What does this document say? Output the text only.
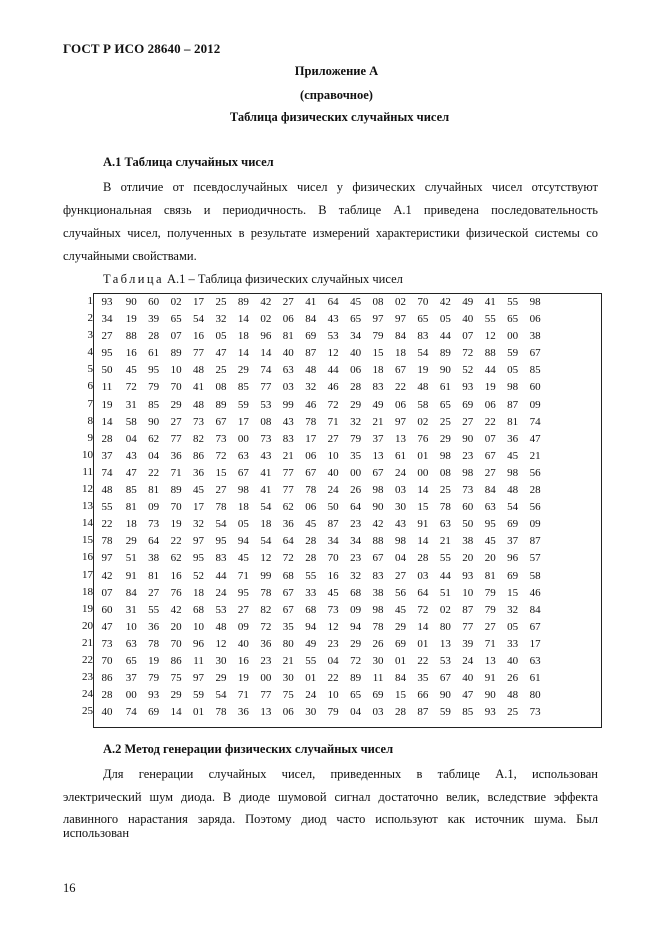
ГОСТ Р ИСО 28640 – 2012
Приложение А
(справочное)
Таблица физических случайных чисел
А.1 Таблица случайных чисел
В отличие от псевдослучайных чисел у физических случайных чисел отсутствуют
функциональная связь и периодичность. В таблице А.1 приведена последовательность
случайных чисел, полученных в результате измерений характеристики физической системы со
случайными свойствами.
Таблица А.1 – Таблица физических случайных чисел
1
2
3
4
5
6
7
8
9
10
11
12
13
14
15
16
17
18
19
20
21
22
23
24
25
93	90	60	02	17	25	89	42	27	41	64	45	08	02	70	42	49	41	55	98
34	19	39	65	54	32	14	02	06	84	43	65	97	97	65	05	40	55	65	06
27	88	28	07	16	05	18	96	81	69	53	34	79	84	83	44	07	12	00	38
95	16	61	89	77	47	14	14	40	87	12	40	15	18	54	89	72	88	59	67
50	45	95	10	48	25	29	74	63	48	44	06	18	67	19	90	52	44	05	85
11	72	79	70	41	08	85	77	03	32	46	28	83	22	48	61	93	19	98	60
19	31	85	29	48	89	59	53	99	46	72	29	49	06	58	65	69	06	87	09
14	58	90	27	73	67	17	08	43	78	71	32	21	97	02	25	27	22	81	74
28	04	62	77	82	73	00	73	83	17	27	79	37	13	76	29	90	07	36	47
37	43	04	36	86	72	63	43	21	06	10	35	13	61	01	98	23	67	45	21
74	47	22	71	36	15	67	41	77	67	40	00	67	24	00	08	98	27	98	56
48	85	81	89	45	27	98	41	77	78	24	26	98	03	14	25	73	84	48	28
55	81	09	70	17	78	18	54	62	06	50	64	90	30	15	78	60	63	54	56
22	18	73	19	32	54	05	18	36	45	87	23	42	43	91	63	50	95	69	09
78	29	64	22	97	95	94	54	64	28	34	34	88	98	14	21	38	45	37	87
97	51	38	62	95	83	45	12	72	28	70	23	67	04	28	55	20	20	96	57
42	91	81	16	52	44	71	99	68	55	16	32	83	27	03	44	93	81	69	58
07	84	27	76	18	24	95	78	67	33	45	68	38	56	64	51	10	79	15	46
60	31	55	42	68	53	27	82	67	68	73	09	98	45	72	02	87	79	32	84
47	10	36	20	10	48	09	72	35	94	12	94	78	29	14	80	77	27	05	67
73	63	78	70	96	12	40	36	80	49	23	29	26	69	01	13	39	71	33	17
70	65	19	86	11	30	16	23	21	55	04	72	30	01	22	53	24	13	40	63
86	37	79	75	97	29	19	00	30	01	22	89	11	84	35	67	40	91	26	61
28	00	93	29	59	54	71	77	75	24	10	65	69	15	66	90	47	90	48	80
40	74	69	14	01	78	36	13	06	30	79	04	03	28	87	59	85	93	25	73
А.2 Метод генерации физических случайных чисел
Для генерации случайных чисел, приведенных в таблице А.1, использован
электрический шум диода. В диоде шумовой сигнал достаточно велик, вследствие эффекта
лавинного нарастания заряда. Поэтому диод часто используют как источник шума. Был использован
16
